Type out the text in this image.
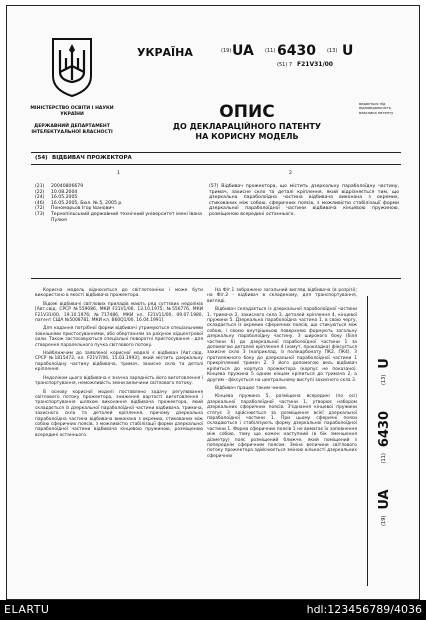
МІНІСТЕРСТВО ОСВІТИ І НАУКИ УКРАЇНИ
ДЕРЖАВНИЙ ДЕПАРТАМЕНТ ІНТЕЛЕКТУАЛЬНОЇ ВЛАСНОСТІ
УКРАЇНА	(19) UA (11) 6430 (13) U
(51) 7 F21V31/00
ОПИС
ДО ДЕКЛАРАЦІЙНОГО ПАТЕНТУ
НА КОРИСНУ МОДЕЛЬ
видається під відповідальність власника патенту
(54) ВІДБИВАЧ ПРОЖЕКТОРА
1	2
(21)	20040806679
(22)	10.08.2004
(24)	16.05.2005
(46)	16.05.2005, Бюл. № 5, 2005 р.
(72)	Пономарьов Ігор Іванович
(73)	Тернопільський державний технічний університет імені Івана Пулюя
(57) Відбивач прожектора, що містить дзеркальну параболоїдну частину, тримач, захисне скло та деталі кріплення, який відрізняється тим, що дзеркальна параболоїдна частина відбивача виконана з окремих, стикованих між собою, сферичних поясів, з можливістю стабілізації форми дзеркальної параболоїдної частини відбивача кінцевою пружиною, розміщеною всередині останнього.

Корисна модель відноситься до світлотехніки і може бути використано в якості відбивача прожектора.

Відомі відбивачі світлових приладів мають ряд суттєвих недоліків [Авт.свід. СРСР №559086, МКИ F21V1/06, 13.10.1975; №556776, МКИ F21V31/00, 19.10.1976; №717486, МКИ кл. F21V11/00, 09.07.1980, патент США №5008781, МКИ кл. B60Q1/00, 16.04.1991].

Для надання потрібної форми відбивачі утримуються спеціальними зовнішніми пристосуваннями, або обертанням за рахунок відцентрової сили. Також застосовуються спеціальні поворотні пристосування - для створення паралельного пучка світлового потоку.

Найближчим до заявленої корисної моделі є відбивач [Авт.свід. СРСР №1815472, кл. F21V7/06, 15.03.1993], який містить дзеркальну параболоїдну частину відбивача, тримач, захисне скло та деталі кріплення.

Недоліком цього відбивача є значна зарядність його виготовлення і транспортування, неможливість зміни величини світлового потоку.

В основу корисної моделі поставлено задачу регулювання світлового потоку прожектора, зниження вартості виготовлення і транспортування шляхом виконання відбивача прожектора, який складається із дзеркальної параболоїдної частини відбивача, тримача, захисного скла та деталей кріплення, причому дзеркальна параболоїдна частина відбивача виконана з окремих, стикованих між собою сферичних поясів, з можливістю стабілізації форми дзеркальної параболоїдної частини відбивача кінцевою пружиною, розміщеною всередині останнього.

На Фіг.1 зображено загальний вигляд відбивача (в розрізі); на Фіг.2 - відбивач в складеному, для транспортування, вигляді.

Відбивач складається із дзеркальної параболоїдної частини 1, тримача 2, захисного скла 3, деталей кріплення 4, кінцевої пружини 5. Дзеркальна параболоїдна частина 1, в свою чергу, складається із окремих сферичних поясів, що стикуються між собою, і своєю внутрішньою поверхнею формують загальну дзеркальну параболоїдну частину. З широкого боку (біля частини 6) до дзеркальної параболоїдної частини 1 за допомогою деталей кріплення 4 (хомут, прокладка) фіксується захисне скло 3 (наприклад, із полікарбонату ПК2, ПК4). З протилежного боку до дзеркальної параболоїдної частини 1 прикріплений тримач 2. З його допомогою весь відбивач кріпиться до корпуса прожектора (корпус не показано). Кінцева пружина 5 одним кінцем кріпиться до тримача 2, а другим - фіксується на центральному виступі захисного скла 3.

Відбивач працює таким чином.

Кінцева пружина 5, розміщена всередині (по осі) дзеркальної параболоїдної частини 1, утворює набором дзеркальних сферичних поясів. З'єднання кінцевої пружини стягує 3 здійснюється за розміщення всієї дзеркальної параболоїдної частини 1. При цьому сферичні пояси складаються і стабілізують форму дзеркальної параболоїдної частини 1. Форма сферичних поясів 1 не вимагає їх заповнення між собою, тому що кожен наступний (в бік зменшення діаметру) пояс розміщений ближче, який поміщений з попереднім сферичним поясом. Зміна величини світлового потоку прожектора здійснюється зміною кількості дзеркальних сферичних

(19)
UA
(11)
6430
(13)
U
ELARTU	hdl:123456789/4036
